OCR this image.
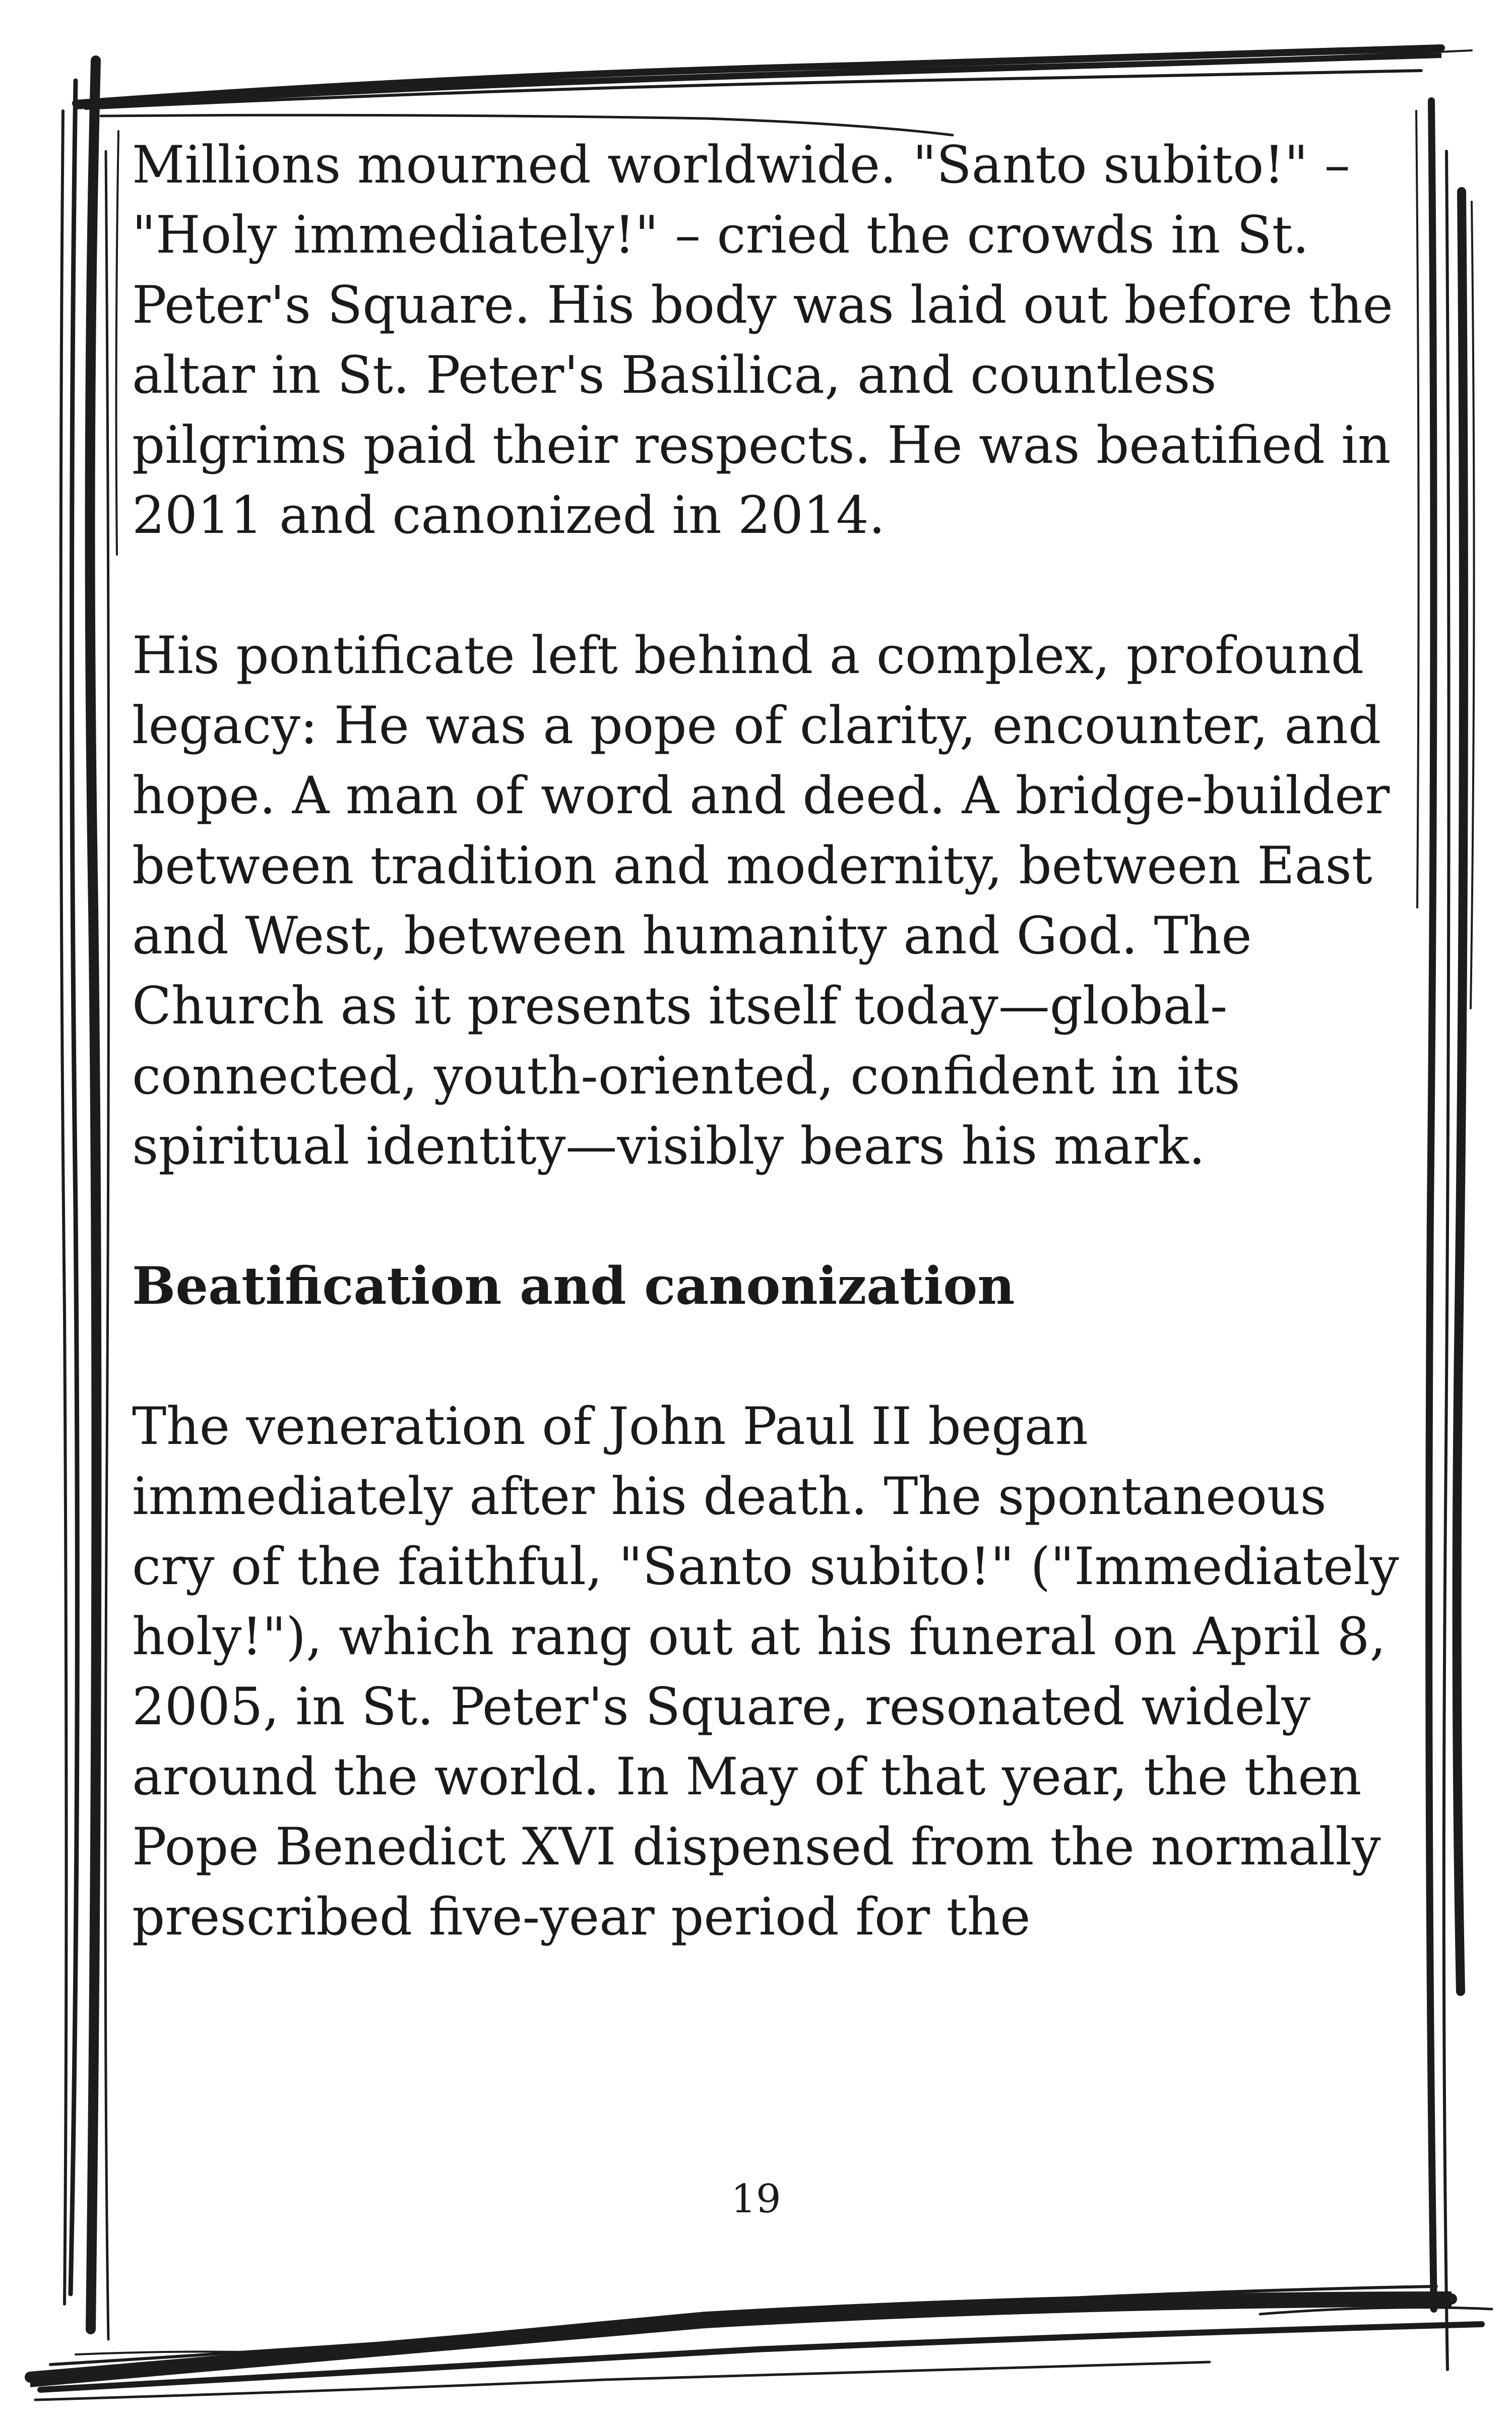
Millions mourned worldwide. "Santo subito!" – "Holy immediately!" – cried the crowds in St. Peter's Square. His body was laid out before the altar in St. Peter's Basilica, and countless pilgrims paid their respects. He was beatified in 2011 and canonized in 2014.

His pontificate left behind a complex, profound legacy: He was a pope of clarity, encounter, and hope. A man of word and deed. A bridge-builder between tradition and modernity, between East and West, between humanity and God. The Church as it presents itself today—global-connected, youth-oriented, confident in its spiritual identity—visibly bears his mark.

Beatification and canonization

The veneration of John Paul II began immediately after his death. The spontaneous cry of the faithful, "Santo subito!" ("Immediately holy!"), which rang out at his funeral on April 8, 2005, in St. Peter's Square, resonated widely around the world. In May of that year, the then Pope Benedict XVI dispensed from the normally prescribed five-year period for the

19
